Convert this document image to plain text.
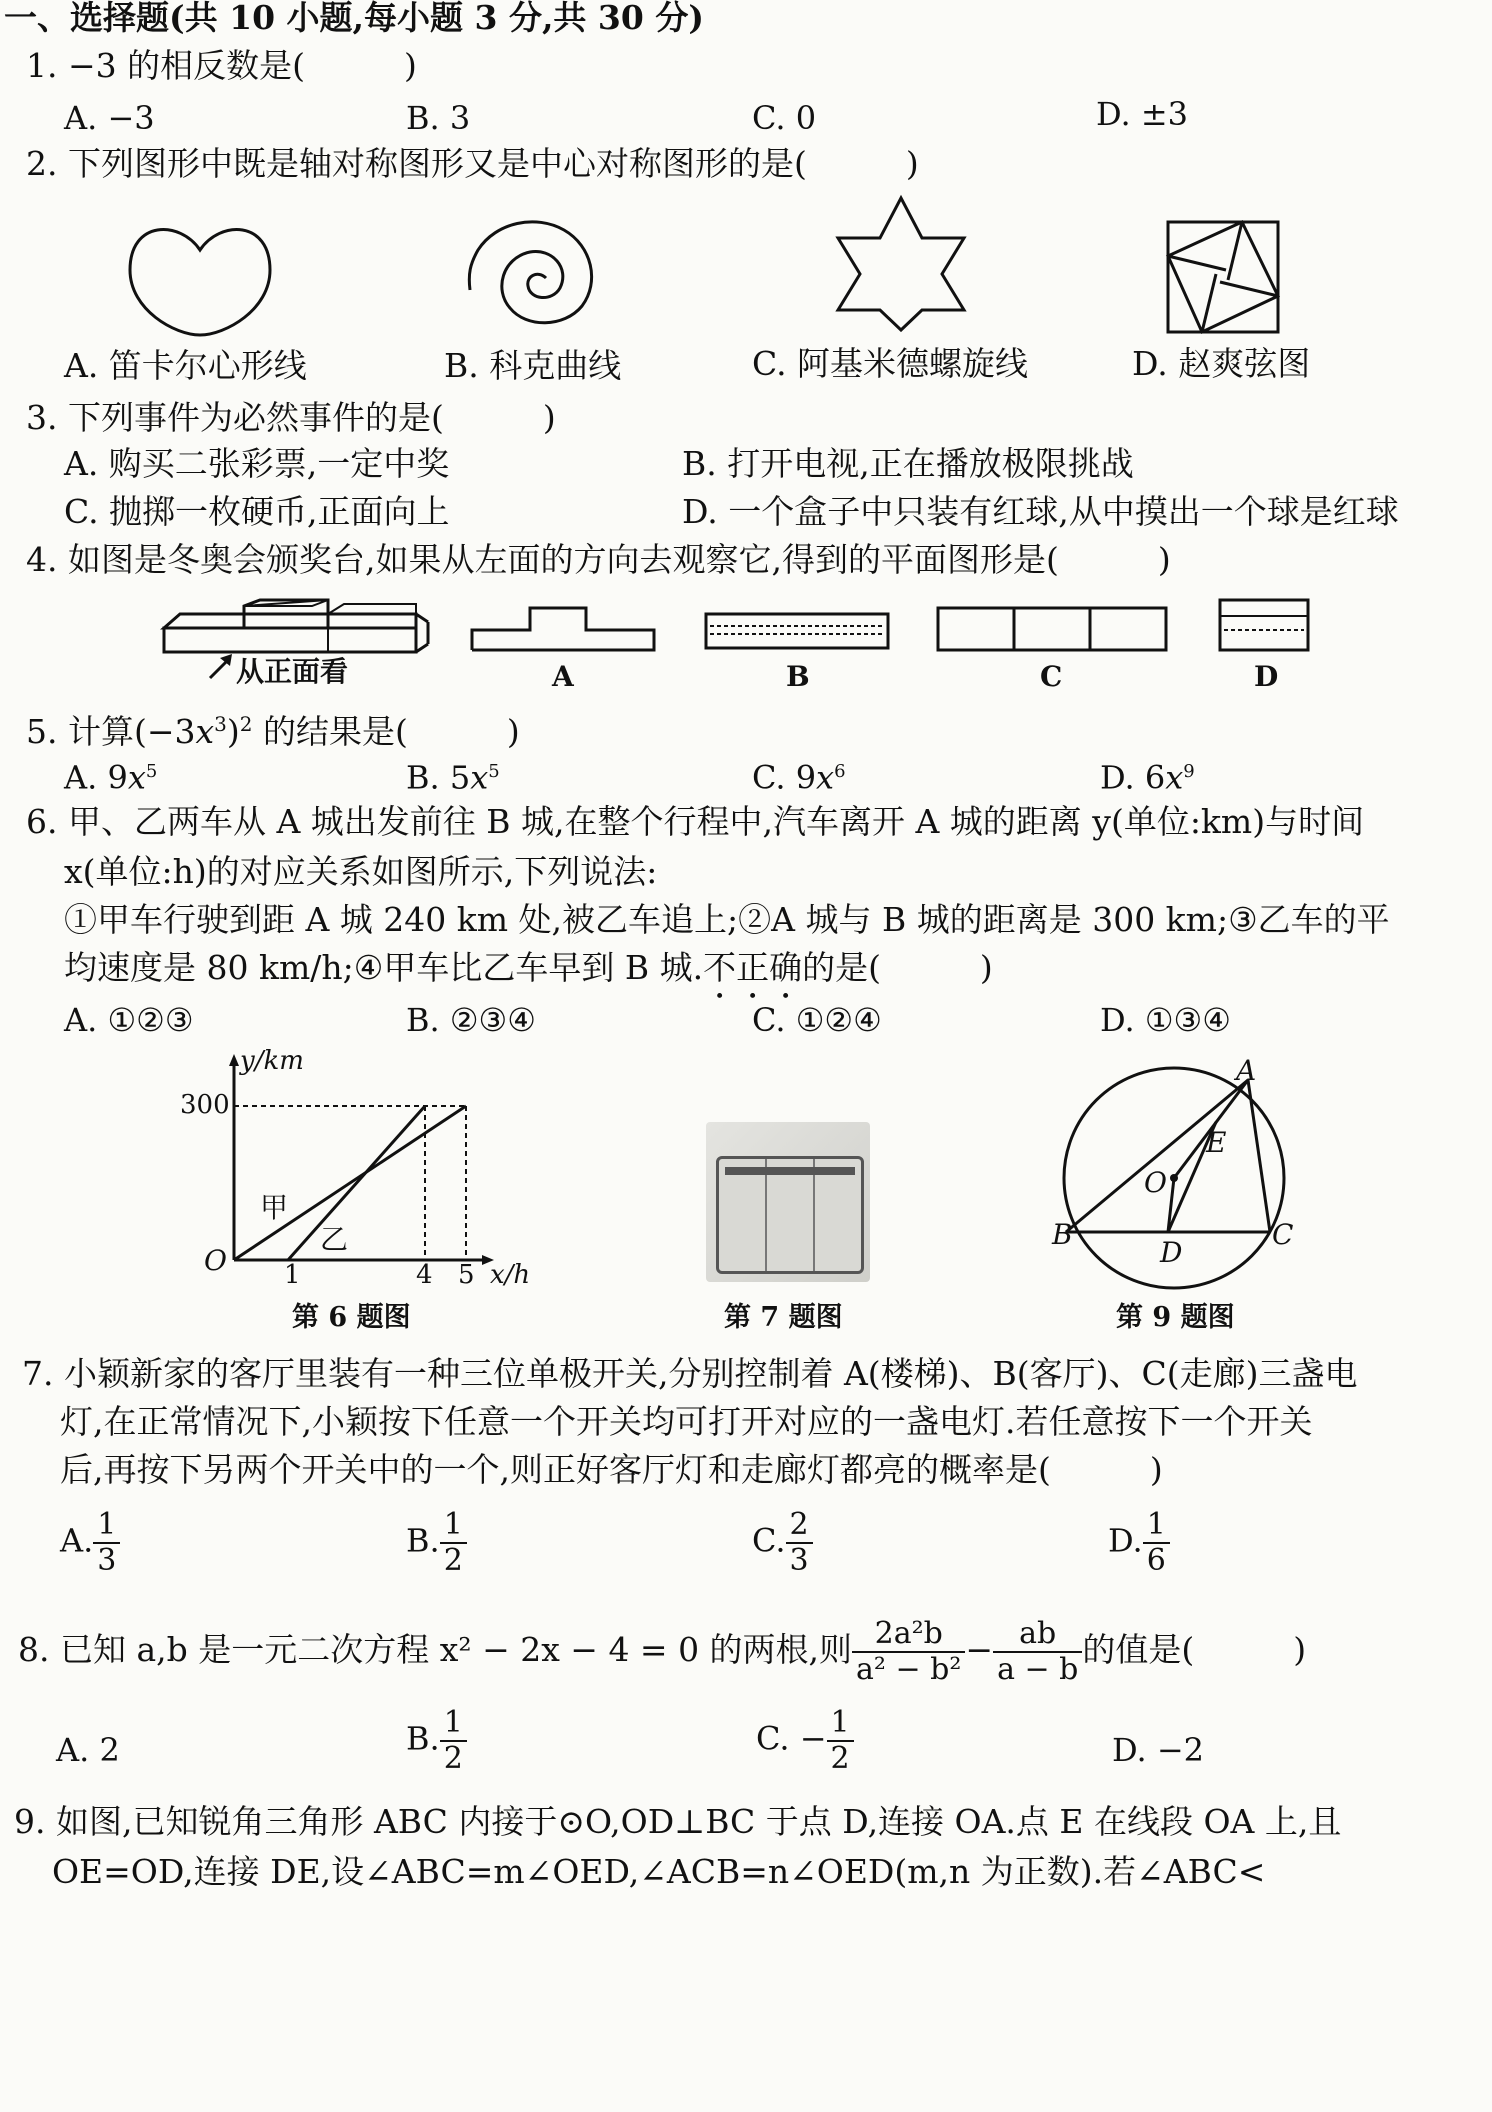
一、选择题(共 10 小题,每小题 3 分,共 30 分)
1. −3 的相反数是(　　　)
A. −3	B. 3	C. 0	D. ±3
2. 下列图形中既是轴对称图形又是中心对称图形的是(　　　)
A. 笛卡尔心形线	B. 科克曲线	C. 阿基米德螺旋线	D. 赵爽弦图
3. 下列事件为必然事件的是(　　　)
A. 购买二张彩票,一定中奖	B. 打开电视,正在播放极限挑战
C. 抛掷一枚硬币,正面向上	D. 一个盒子中只装有红球,从中摸出一个球是红球
4. 如图是冬奥会颁奖台,如果从左面的方向去观察它,得到的平面图形是(　　　)
从正面看	A	B	C	D
5. 计算$(-3x^3)^2$ 的结果是(　　　)
A. $9x^5$	B. $5x^5$	C. $9x^6$	D. $6x^9$
6. 甲、乙两车从 A 城出发前往 B 城,在整个行程中,汽车离开 A 城的距离 y(单位:km)与时间
x(单位:h)的对应关系如图所示,下列说法:
①甲车行驶到距 A 城 240 km 处,被乙车追上;②A 城与 B 城的距离是 300 km;③乙车的平
均速度是 80 km/h;④甲车比乙车早到 B 城.不正确的是(　　　)
A. ①②③	B. ②③④	C. ①②④	D. ①③④
y/km
300
O 1	4 5 x/h
甲
乙
第 6 题图	第 7 题图
A
B	C
D
E
O
第 9 题图
7. 小颖新家的客厅里装有一种三位单极开关,分别控制着 A(楼梯)、B(客厅)、C(走廊)三盏电
灯,在正常情况下,小颖按下任意一个开关均可打开对应的一盏电灯.若任意按下一个开关
后,再按下另两个开关中的一个,则正好客厅灯和走廊灯都亮的概率是(　　　)
A. $\frac{1}{3}$	B. $\frac{1}{2}$	C. $\frac{2}{3}$	D. $\frac{1}{6}$
8. 已知 a,b 是一元二次方程 x² − 2x − 4 = 0 的两根,则 $\frac{\text{2a²b}}{\text{a² − b²}} - \frac{ab}{a - b}$ 的值是(　　　)
A. 2	B. $\frac{1}{2}$	C. − $\frac{1}{2}$	D. −2
9. 如图,已知锐角三角形 ABC 内接于⊙O,OD⊥BC 于点 D,连接 OA.点 E 在线段 OA 上,且
OE=OD,连接 DE,设∠ABC=m∠OED,∠ACB=n∠OED(m,n 为正数).若∠ABC<
